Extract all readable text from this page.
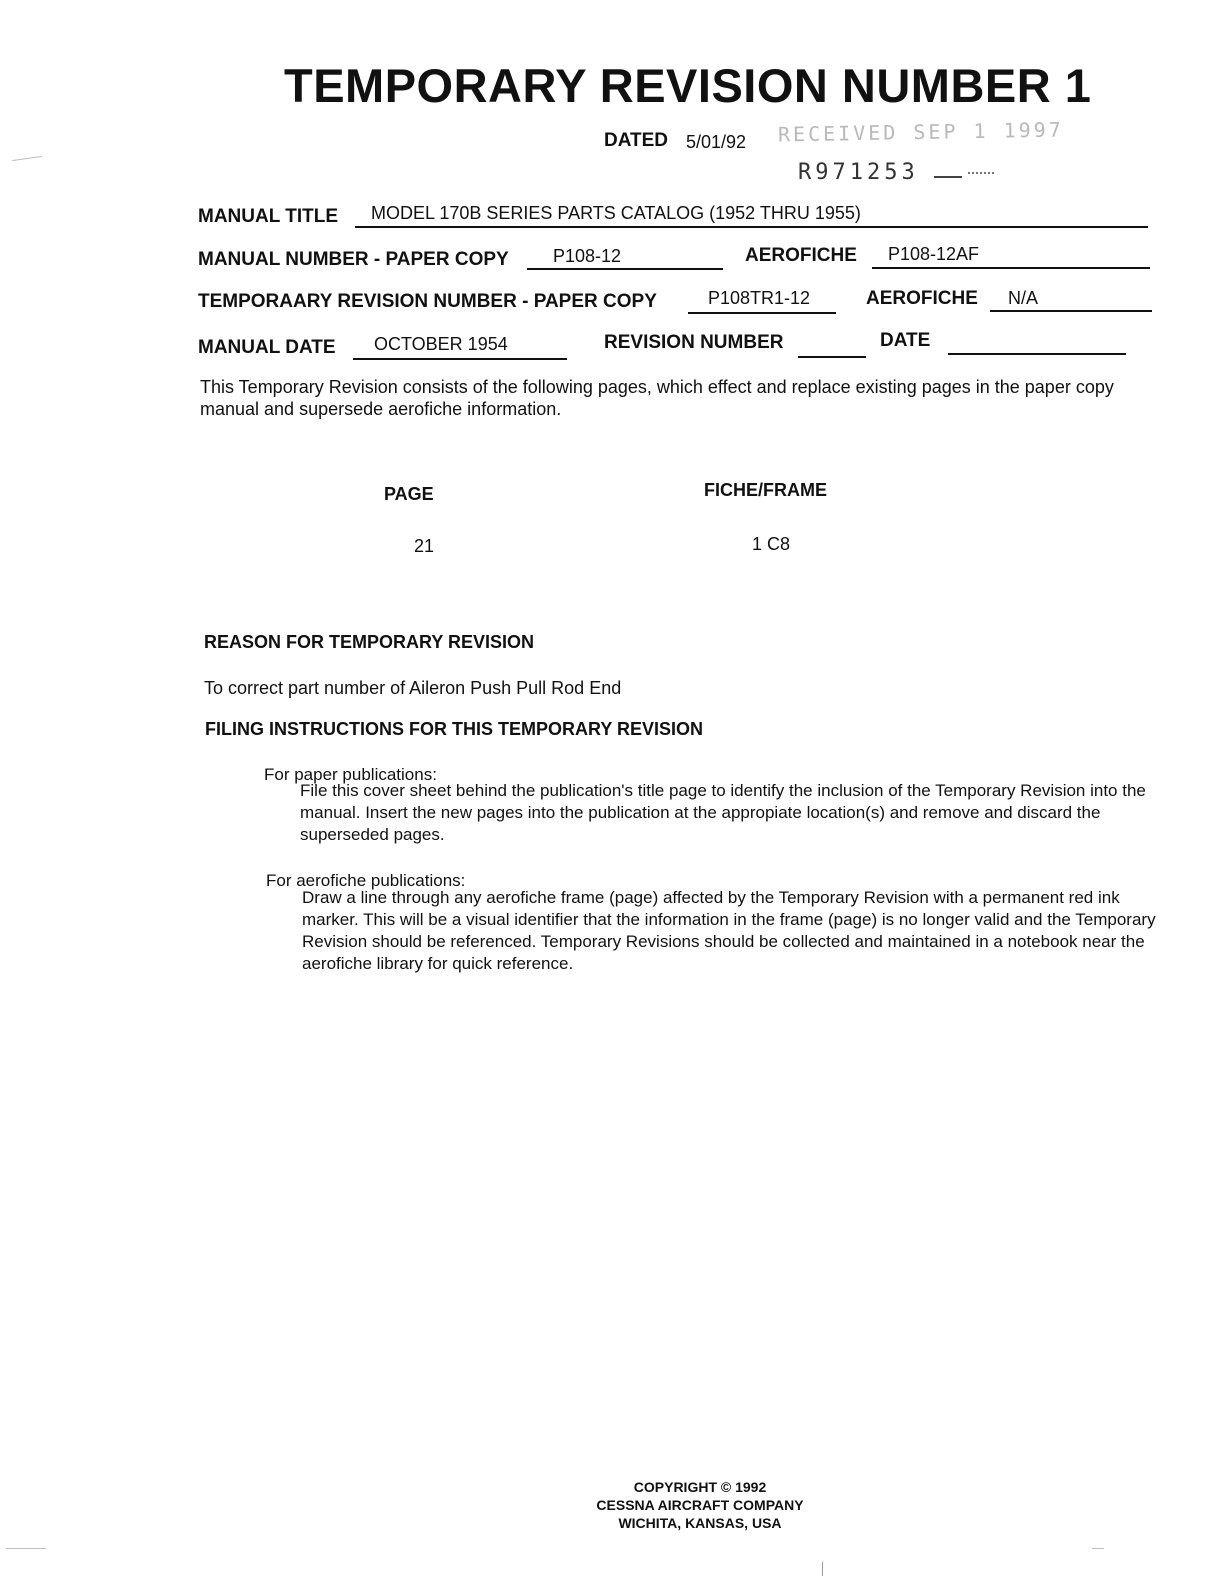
TEMPORARY REVISION NUMBER 1
DATED 5/01/92 RECEIVED SEP 1 1997
R971253
MANUAL TITLE MODEL 170B SERIES PARTS CATALOG (1952 THRU 1955)
MANUAL NUMBER - PAPER COPY P108-12	AEROFICHE P108-12AF
TEMPORAARY REVISION NUMBER - PAPER COPY	P108TR1-12	AEROFICHE N/A
MANUAL DATE OCTOBER 1954	REVISION NUMBER	DATE
This Temporary Revision consists of the following pages, which effect and replace existing pages in the paper copy manual and supersede aerofiche information.
PAGE	FICHE/FRAME
21	1 C8
REASON FOR TEMPORARY REVISION
To correct part number of Aileron Push Pull Rod End
FILING INSTRUCTIONS FOR THIS TEMPORARY REVISION
For paper publications:
File this cover sheet behind the publication's title page to identify the inclusion of the Temporary Revision into the manual. Insert the new pages into the publication at the appropiate location(s) and remove and discard the superseded pages.
For aerofiche publications:
Draw a line through any aerofiche frame (page) affected by the Temporary Revision with a permanent red ink marker. This will be a visual identifier that the information in the frame (page) is no longer valid and the Temporary Revision should be referenced. Temporary Revisions should be collected and maintained in a notebook near the aerofiche library for quick reference.
COPYRIGHT © 1992
CESSNA AIRCRAFT COMPANY
WICHITA, KANSAS, USA
